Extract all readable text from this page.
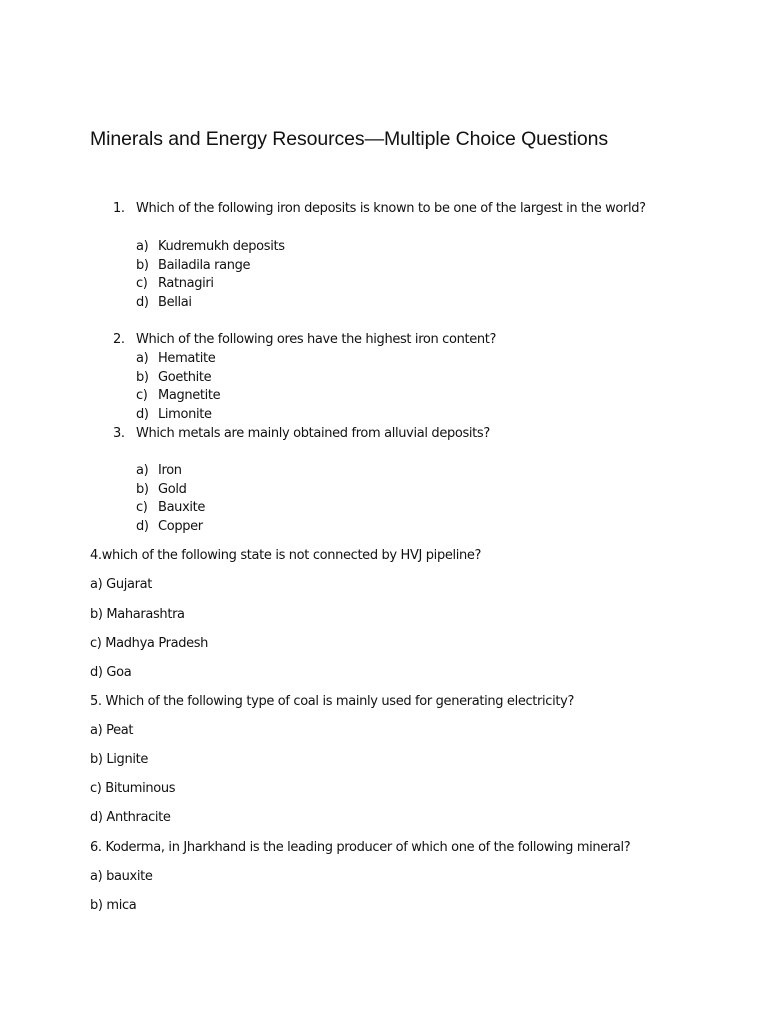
Minerals and Energy Resources—Multiple Choice Questions
1. Which of the following iron deposits is known to be one of the largest in the world?
a) Kudremukh deposits
b) Bailadila range
c) Ratnagiri
d) Bellai
2. Which of the following ores have the highest iron content?
a) Hematite
b) Goethite
c) Magnetite
d) Limonite
3. Which metals are mainly obtained from alluvial deposits?
a) Iron
b) Gold
c) Bauxite
d) Copper
4.which of the following state is not connected by HVJ pipeline?
a) Gujarat
b) Maharashtra
c) Madhya Pradesh
d) Goa
5. Which of the following type of coal is mainly used for generating electricity?
a) Peat
b) Lignite
c) Bituminous
d) Anthracite
6. Koderma, in Jharkhand is the leading producer of which one of the following mineral?
a) bauxite
b) mica
